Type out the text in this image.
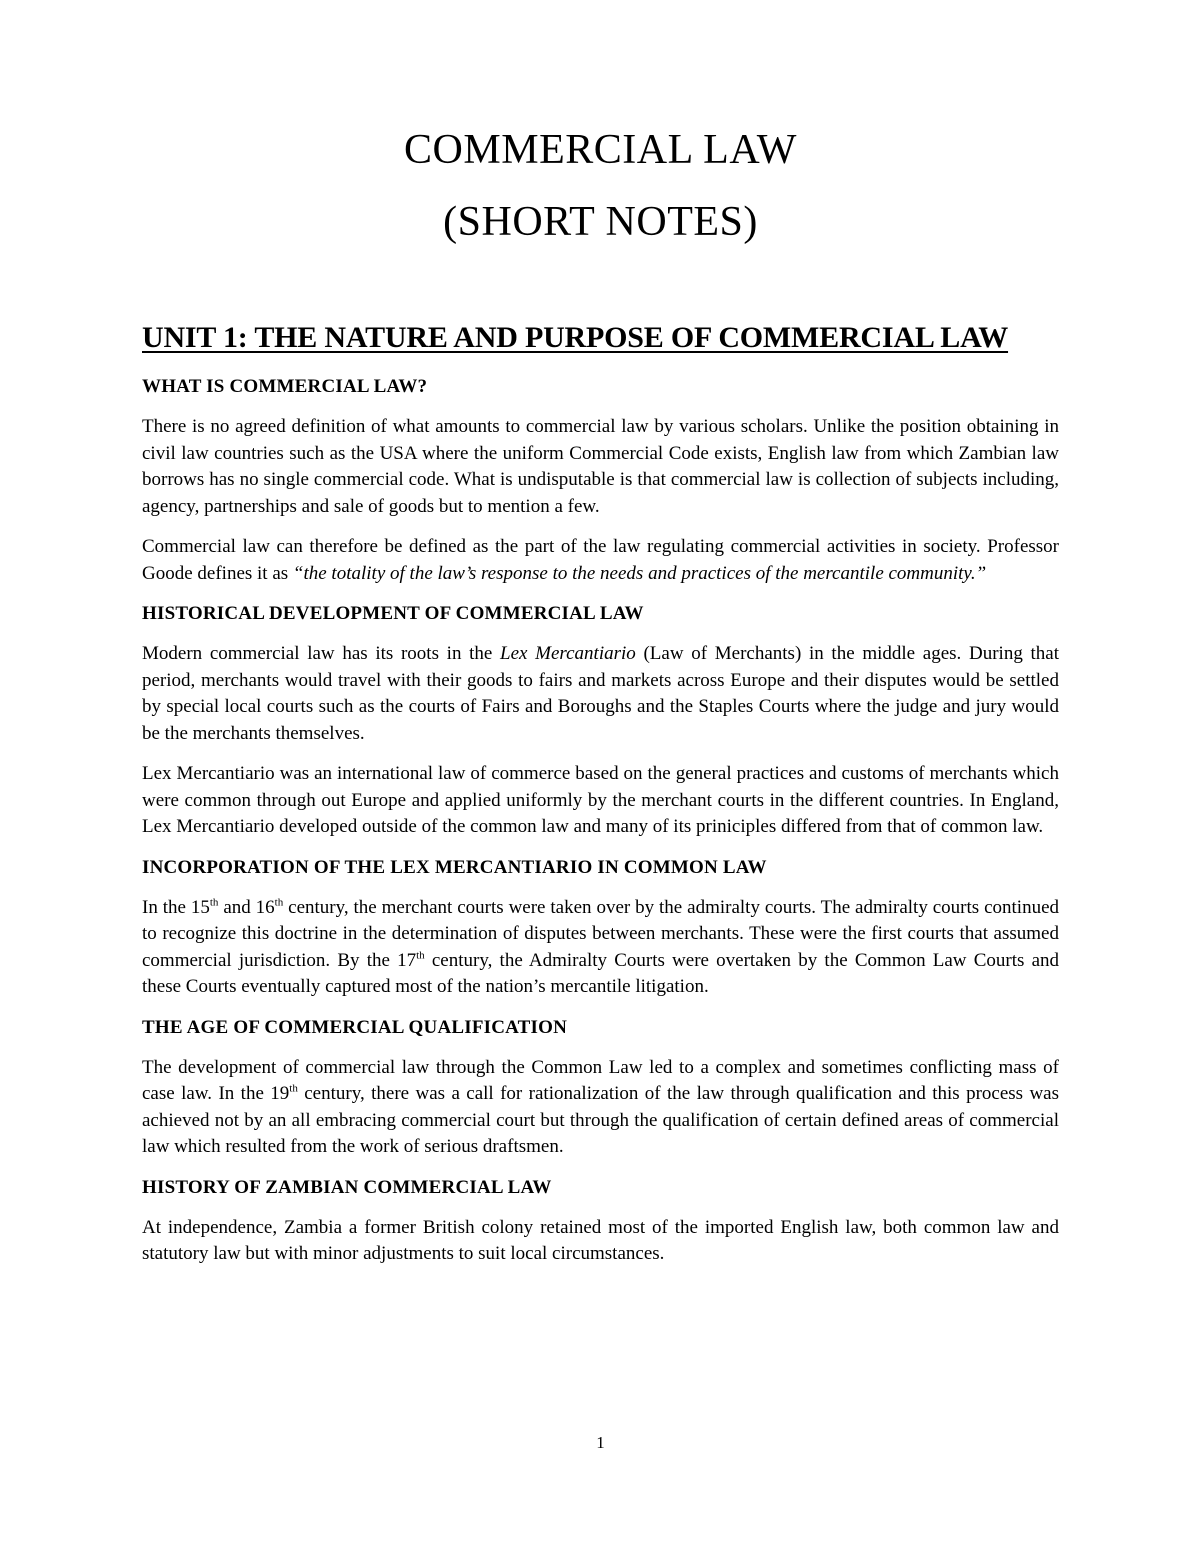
COMMERCIAL LAW
(SHORT NOTES)
UNIT 1: THE NATURE AND PURPOSE OF COMMERCIAL LAW
WHAT IS COMMERCIAL LAW?

There is no agreed definition of what amounts to commercial law by various scholars. Unlike the position obtaining in civil law countries such as the USA where the uniform Commercial Code exists, English law from which Zambian law borrows has no single commercial code. What is undisputable is that commercial law is collection of subjects including, agency, partnerships and sale of goods but to mention a few.

Commercial law can therefore be defined as the part of the law regulating commercial activities in society. Professor Goode defines it as “the totality of the law’s response to the needs and practices of the mercantile community.”

HISTORICAL DEVELOPMENT OF COMMERCIAL LAW

Modern commercial law has its roots in the Lex Mercantiario (Law of Merchants) in the middle ages. During that period, merchants would travel with their goods to fairs and markets across Europe and their disputes would be settled by special local courts such as the courts of Fairs and Boroughs and the Staples Courts where the judge and jury would be the merchants themselves.

Lex Mercantiario was an international law of commerce based on the general practices and customs of merchants which were common through out Europe and applied uniformly by the merchant courts in the different countries. In England, Lex Mercantiario developed outside of the common law and many of its priniciples differed from that of common law.

INCORPORATION OF THE LEX MERCANTIARIO IN COMMON LAW

In the 15th and 16th century, the merchant courts were taken over by the admiralty courts. The admiralty courts continued to recognize this doctrine in the determination of disputes between merchants. These were the first courts that assumed commercial jurisdiction. By the 17th century, the Admiralty Courts were overtaken by the Common Law Courts and these Courts eventually captured most of the nation’s mercantile litigation.

THE AGE OF COMMERCIAL QUALIFICATION

The development of commercial law through the Common Law led to a complex and sometimes conflicting mass of case law. In the 19th century, there was a call for rationalization of the law through qualification and this process was achieved not by an all embracing commercial court but through the qualification of certain defined areas of commercial law which resulted from the work of serious draftsmen.

HISTORY OF ZAMBIAN COMMERCIAL LAW

At independence, Zambia a former British colony retained most of the imported English law, both common law and statutory law but with minor adjustments to suit local circumstances.

1
